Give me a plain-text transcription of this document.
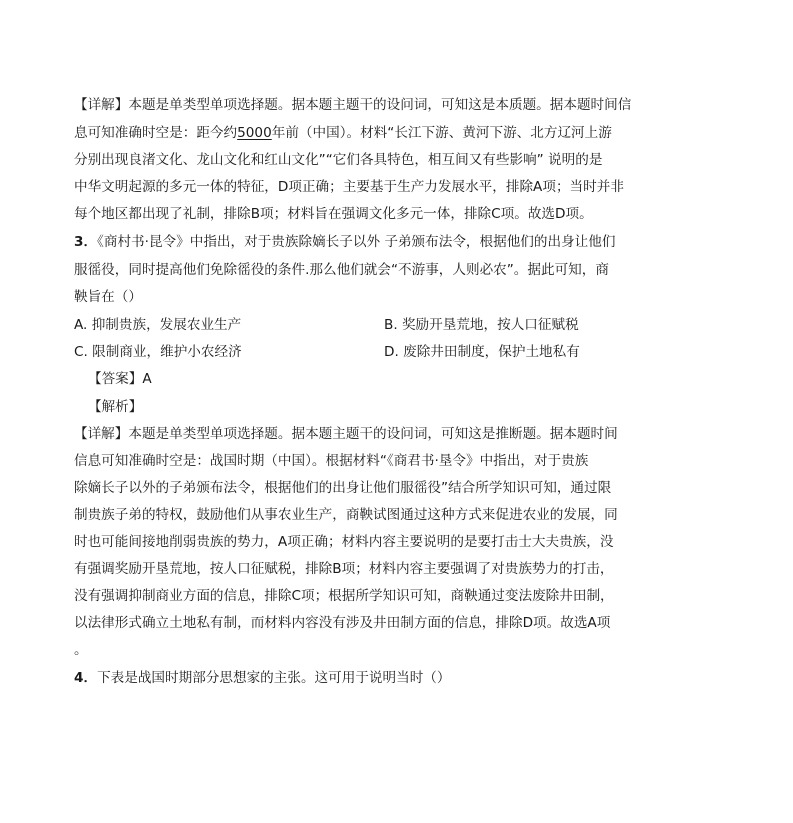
【详解】本题是单类型单项选择题。据本题主题干的设问词，可知这是本质题。据本题时间信
息可知准确时空是：距今约5000年前（中国）。材料“长江下游、黄河下游、北方辽河上游
分别出现良渚文化、龙山文化和红山文化”“它们各具特色，相互间又有些影响” 说明的是
中华文明起源的多元一体的特征，D项正确；主要基于生产力发展水平，排除A项；当时并非
每个地区都出现了礼制，排除B项；材料旨在强调文化多元一体，排除C项。故选D项。
3．《商村书·昆令》中指出，对于贵族除嫡长子以外 子弟颁布法令，根据他们的出身让他们
服徭役，同时提高他们免除徭役的条件.那么他们就会“不游事，人则必农”。据此可知，商
鞅旨在（）
A. 抑制贵族，发展农业生产	B. 奖励开垦荒地，按人口征赋税
C. 限制商业，维护小农经济	D. 废除井田制度，保护土地私有
【答案】A
【解析】
【详解】本题是单类型单项选择题。据本题主题干的设问词，可知这是推断题。据本题时间
信息可知准确时空是：战国时期（中国）。根据材料“《商君书·垦令》中指出，对于贵族
除嫡长子以外的子弟颁布法令，根据他们的出身让他们服徭役”结合所学知识可知，通过限
制贵族子弟的特权，鼓励他们从事农业生产，商鞅试图通过这种方式来促进农业的发展，同
时也可能间接地削弱贵族的势力，A项正确；材料内容主要说明的是要打击士大夫贵族，没
有强调奖励开垦荒地，按人口征赋税，排除B项；材料内容主要强调了对贵族势力的打击，
没有强调抑制商业方面的信息，排除C项；根据所学知识可知，商鞅通过变法废除井田制，
以法律形式确立土地私有制，而材料内容没有涉及井田制方面的信息，排除D项。故选A项
。
4．下表是战国时期部分思想家的主张。这可用于说明当时（）
